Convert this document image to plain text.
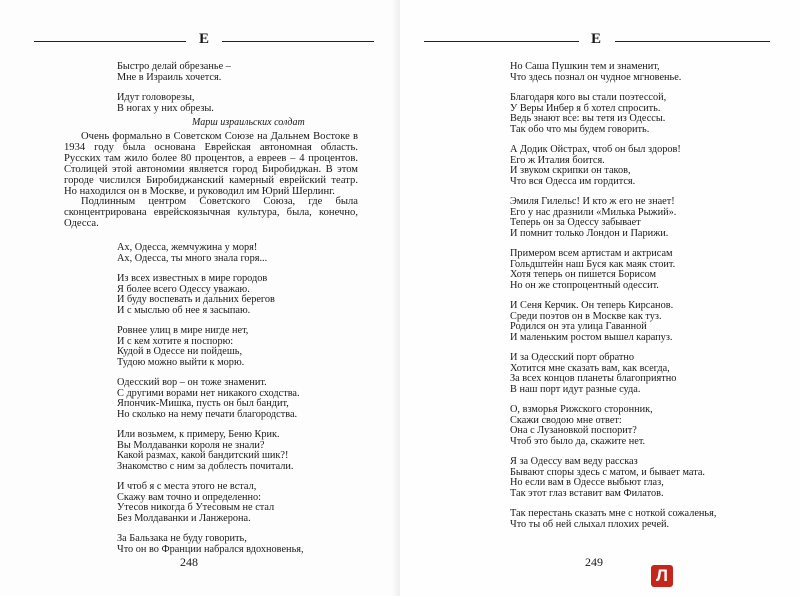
Е
Быстро делай обрезанье –
Мне в Израиль хочется.
Идут головорезы,
В ногах у них обрезы.
Марш израильских солдат

Очень формально в Советском Союзе на Дальнем Востоке в 1934 году была основана Еврейская автономная область. Русских там жило более 80 процентов, а евреев – 4 процентов. Столицей этой автономии является город Биробиджан. В этом городе числился Биробиджанский камерный еврейский театр. Но находился он в Москве, и руководил им Юрий Шерлинг.

Подлинным центром Советского Союза, где была сконцентрирована еврейскоязычная культура, была, конечно, Одесса.

Ах, Одесса, жемчужина у моря!
Ах, Одесса, ты много знала горя...
Из всех известных в мире городов
Я более всего Одессу уважаю.
И буду воспевать и дальних берегов
И с мыслью об нее я засыпаю.
Ровнее улиц в мире нигде нет,
И с кем хотите я поспорю:
Кудой в Одессе ни пойдешь,
Тудою можно выйти к морю.
Одесский вор – он тоже знаменит.
С другими ворами нет никакого сходства.
Япончик-Мишка, пусть он был бандит,
Но сколько на нему печати благородства.
Или возьмем, к примеру, Беню Крик.
Вы Молдаванки короля не знали?
Какой размах, какой бандитский шик?!
Знакомство с ним за доблесть почитали.
И чтоб я с места этого не встал,
Скажу вам точно и определенно:
Утесов никогда б Утесовым не стал
Без Молдаванки и Ланжерона.
За Бальзака не буду говорить,
Что он во Франции набрался вдохновенья,
248
Е
Но Саша Пушкин тем и знаменит,
Что здесь познал он чудное мгновенье.
Благодаря кого вы стали поэтессой,
У Веры Инбер я б хотел спросить.
Ведь знают все: вы тетя из Одессы.
Так обо что мы будем говорить.
А Додик Ойстрах, чтоб он был здоров!
Его ж Италия боится.
И звуком скрипки он таков,
Что вся Одесса им гордится.
Эмиля Гилельс! И кто ж его не знает!
Его у нас дразнили «Милька Рыжий».
Теперь он за Одессу забывает
И помнит только Лондон и Парижи.
Примером всем артистам и актрисам
Гольдштейн наш Буся как маяк стоит.
Хотя теперь он пишется Борисом
Но он же стопроцентный одессит.
И Сеня Керчик. Он теперь Кирсанов.
Среди поэтов он в Москве как туз.
Родился он эта улица Гаванной
И маленьким ростом вышел карапуз.
И за Одесский порт обратно
Хотится мне сказать вам, как всегда,
За всех концов планеты благоприятно
В наш порт идут разные суда.
О, взморья Рижского сторонник,
Скажи сводою мне ответ:
Она с Лузановкой поспорит?
Чтоб это было да, скажите нет.
Я за Одессу вам веду рассказ
Бывают споры здесь с матом, и бывает мата.
Но если вам в Одессе выбьют глаз,
Так этот глаз вставит вам Филатов.
Так перестань сказать мне с ноткой сожаленья,
Что ты об ней слыхал плохих речей.
249
Л
